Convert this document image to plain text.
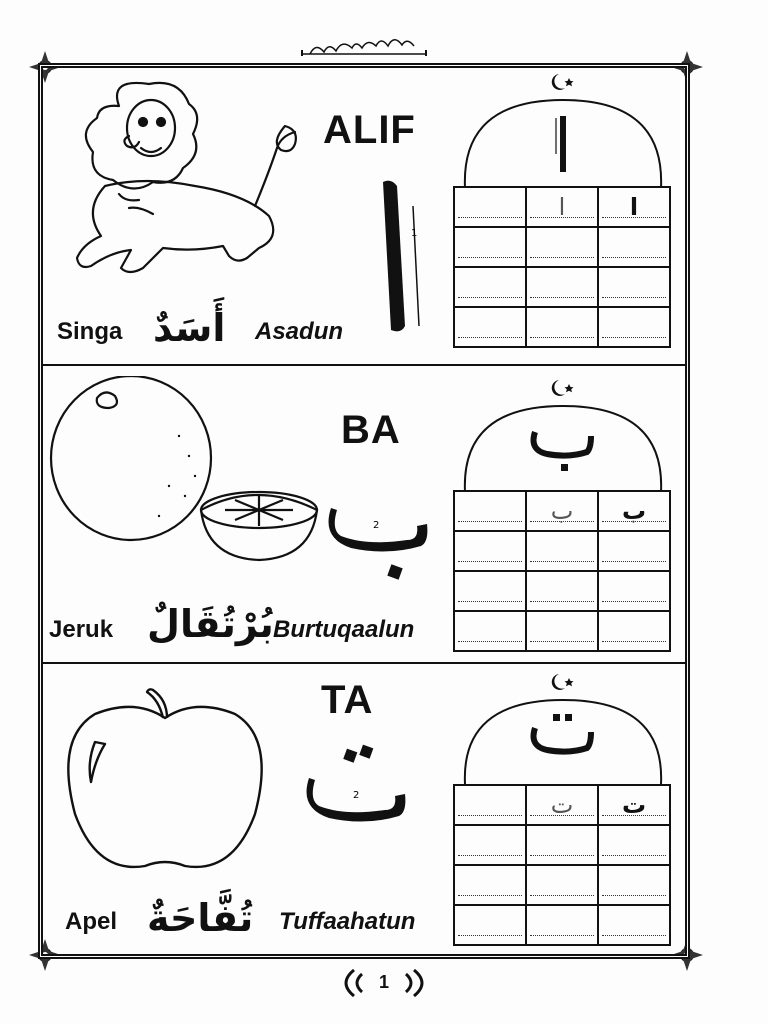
Singa أَسَدٌ Asadun
ALIF
1
	ا	ا

Jeruk بُرْتُقَالٌ Burtuqaalun
BA
2
	ب	ب

Apel تُفَّاحَةٌ Tuffaahatun
TA
2
		ت	ت

1
